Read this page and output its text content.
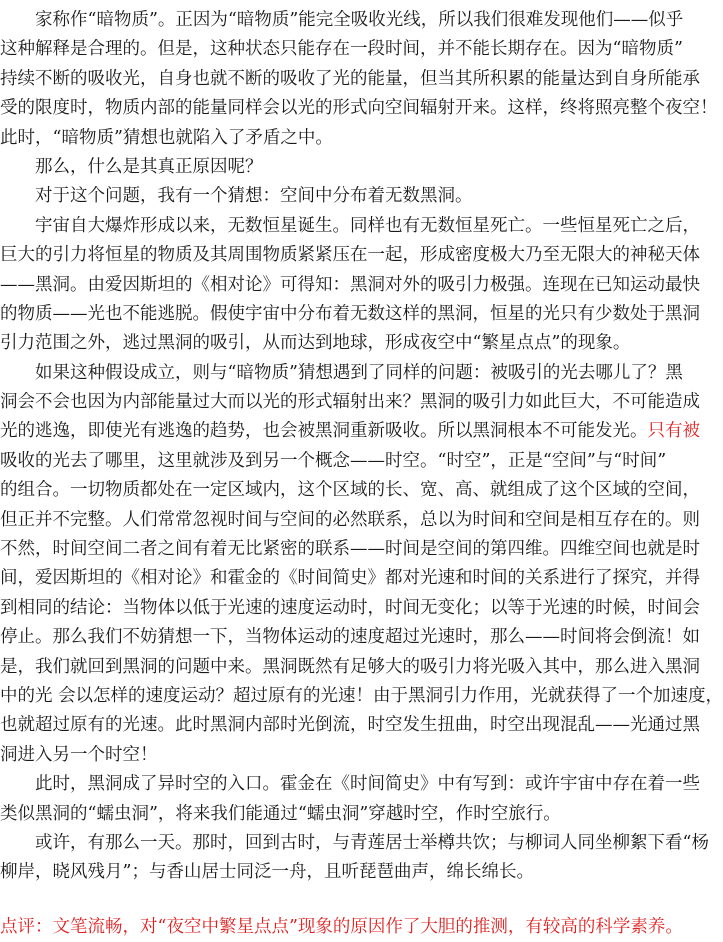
家称作“暗物质”。正因为“暗物质”能完全吸收光线，所以我们很难发现他们——似乎
这种解释是合理的。但是，这种状态只能存在一段时间，并不能长期存在。因为“暗物质”
持续不断的吸收光，自身也就不断的吸收了光的能量，但当其所积累的能量达到自身所能承
受的限度时，物质内部的能量同样会以光的形式向空间辐射开来。这样，终将照亮整个夜空！
此时，“暗物质”猜想也就陷入了矛盾之中。
那么，什么是其真正原因呢？
对于这个问题，我有一个猜想：空间中分布着无数黑洞。
宇宙自大爆炸形成以来，无数恒星诞生。同样也有无数恒星死亡。一些恒星死亡之后，
巨大的引力将恒星的物质及其周围物质紧紧压在一起，形成密度极大乃至无限大的神秘天体
——黑洞。由爱因斯坦的《相对论》可得知：黑洞对外的吸引力极强。连现在已知运动最快
的物质——光也不能逃脱。假使宇宙中分布着无数这样的黑洞，恒星的光只有少数处于黑洞
引力范围之外，逃过黑洞的吸引，从而达到地球，形成夜空中“繁星点点”的现象。
如果这种假设成立，则与“暗物质”猜想遇到了同样的问题：被吸引的光去哪儿了？黑
洞会不会也因为内部能量过大而以光的形式辐射出来？黑洞的吸引力如此巨大，不可能造成
光的逃逸，即使光有逃逸的趋势，也会被黑洞重新吸收。所以黑洞根本不可能发光。只有被
吸收的光去了哪里，这里就涉及到另一个概念——时空。“时空”，正是“空间”与“时间”
的组合。一切物质都处在一定区域内，这个区域的长、宽、高、就组成了这个区域的空间，
但正并不完整。人们常常忽视时间与空间的必然联系，总以为时间和空间是相互存在的。则
不然，时间空间二者之间有着无比紧密的联系——时间是空间的第四维。四维空间也就是时
间，爱因斯坦的《相对论》和霍金的《时间简史》都对光速和时间的关系进行了探究，并得
到相同的结论：当物体以低于光速的速度运动时，时间无变化；以等于光速的时候，时间会
停止。那么我们不妨猜想一下，当物体运动的速度超过光速时，那么——时间将会倒流！如
是，我们就回到黑洞的问题中来。黑洞既然有足够大的吸引力将光吸入其中，那么进入黑洞
中的光 会以怎样的速度运动？超过原有的光速！由于黑洞引力作用，光就获得了一个加速度，
也就超过原有的光速。此时黑洞内部时光倒流，时空发生扭曲，时空出现混乱——光通过黑
洞进入另一个时空！
此时，黑洞成了异时空的入口。霍金在《时间简史》中有写到：或许宇宙中存在着一些
类似黑洞的“蠕虫洞”，将来我们能通过“蠕虫洞”穿越时空，作时空旅行。
或许，有那么一天。那时，回到古时，与青莲居士举樽共饮；与柳词人同坐柳絮下看“杨
柳岸，晓风残月”；与香山居士同泛一舟，且听琵琶曲声，绵长绵长。
点评：文笔流畅，对“夜空中繁星点点”现象的原因作了大胆的推测，有较高的科学素养。
